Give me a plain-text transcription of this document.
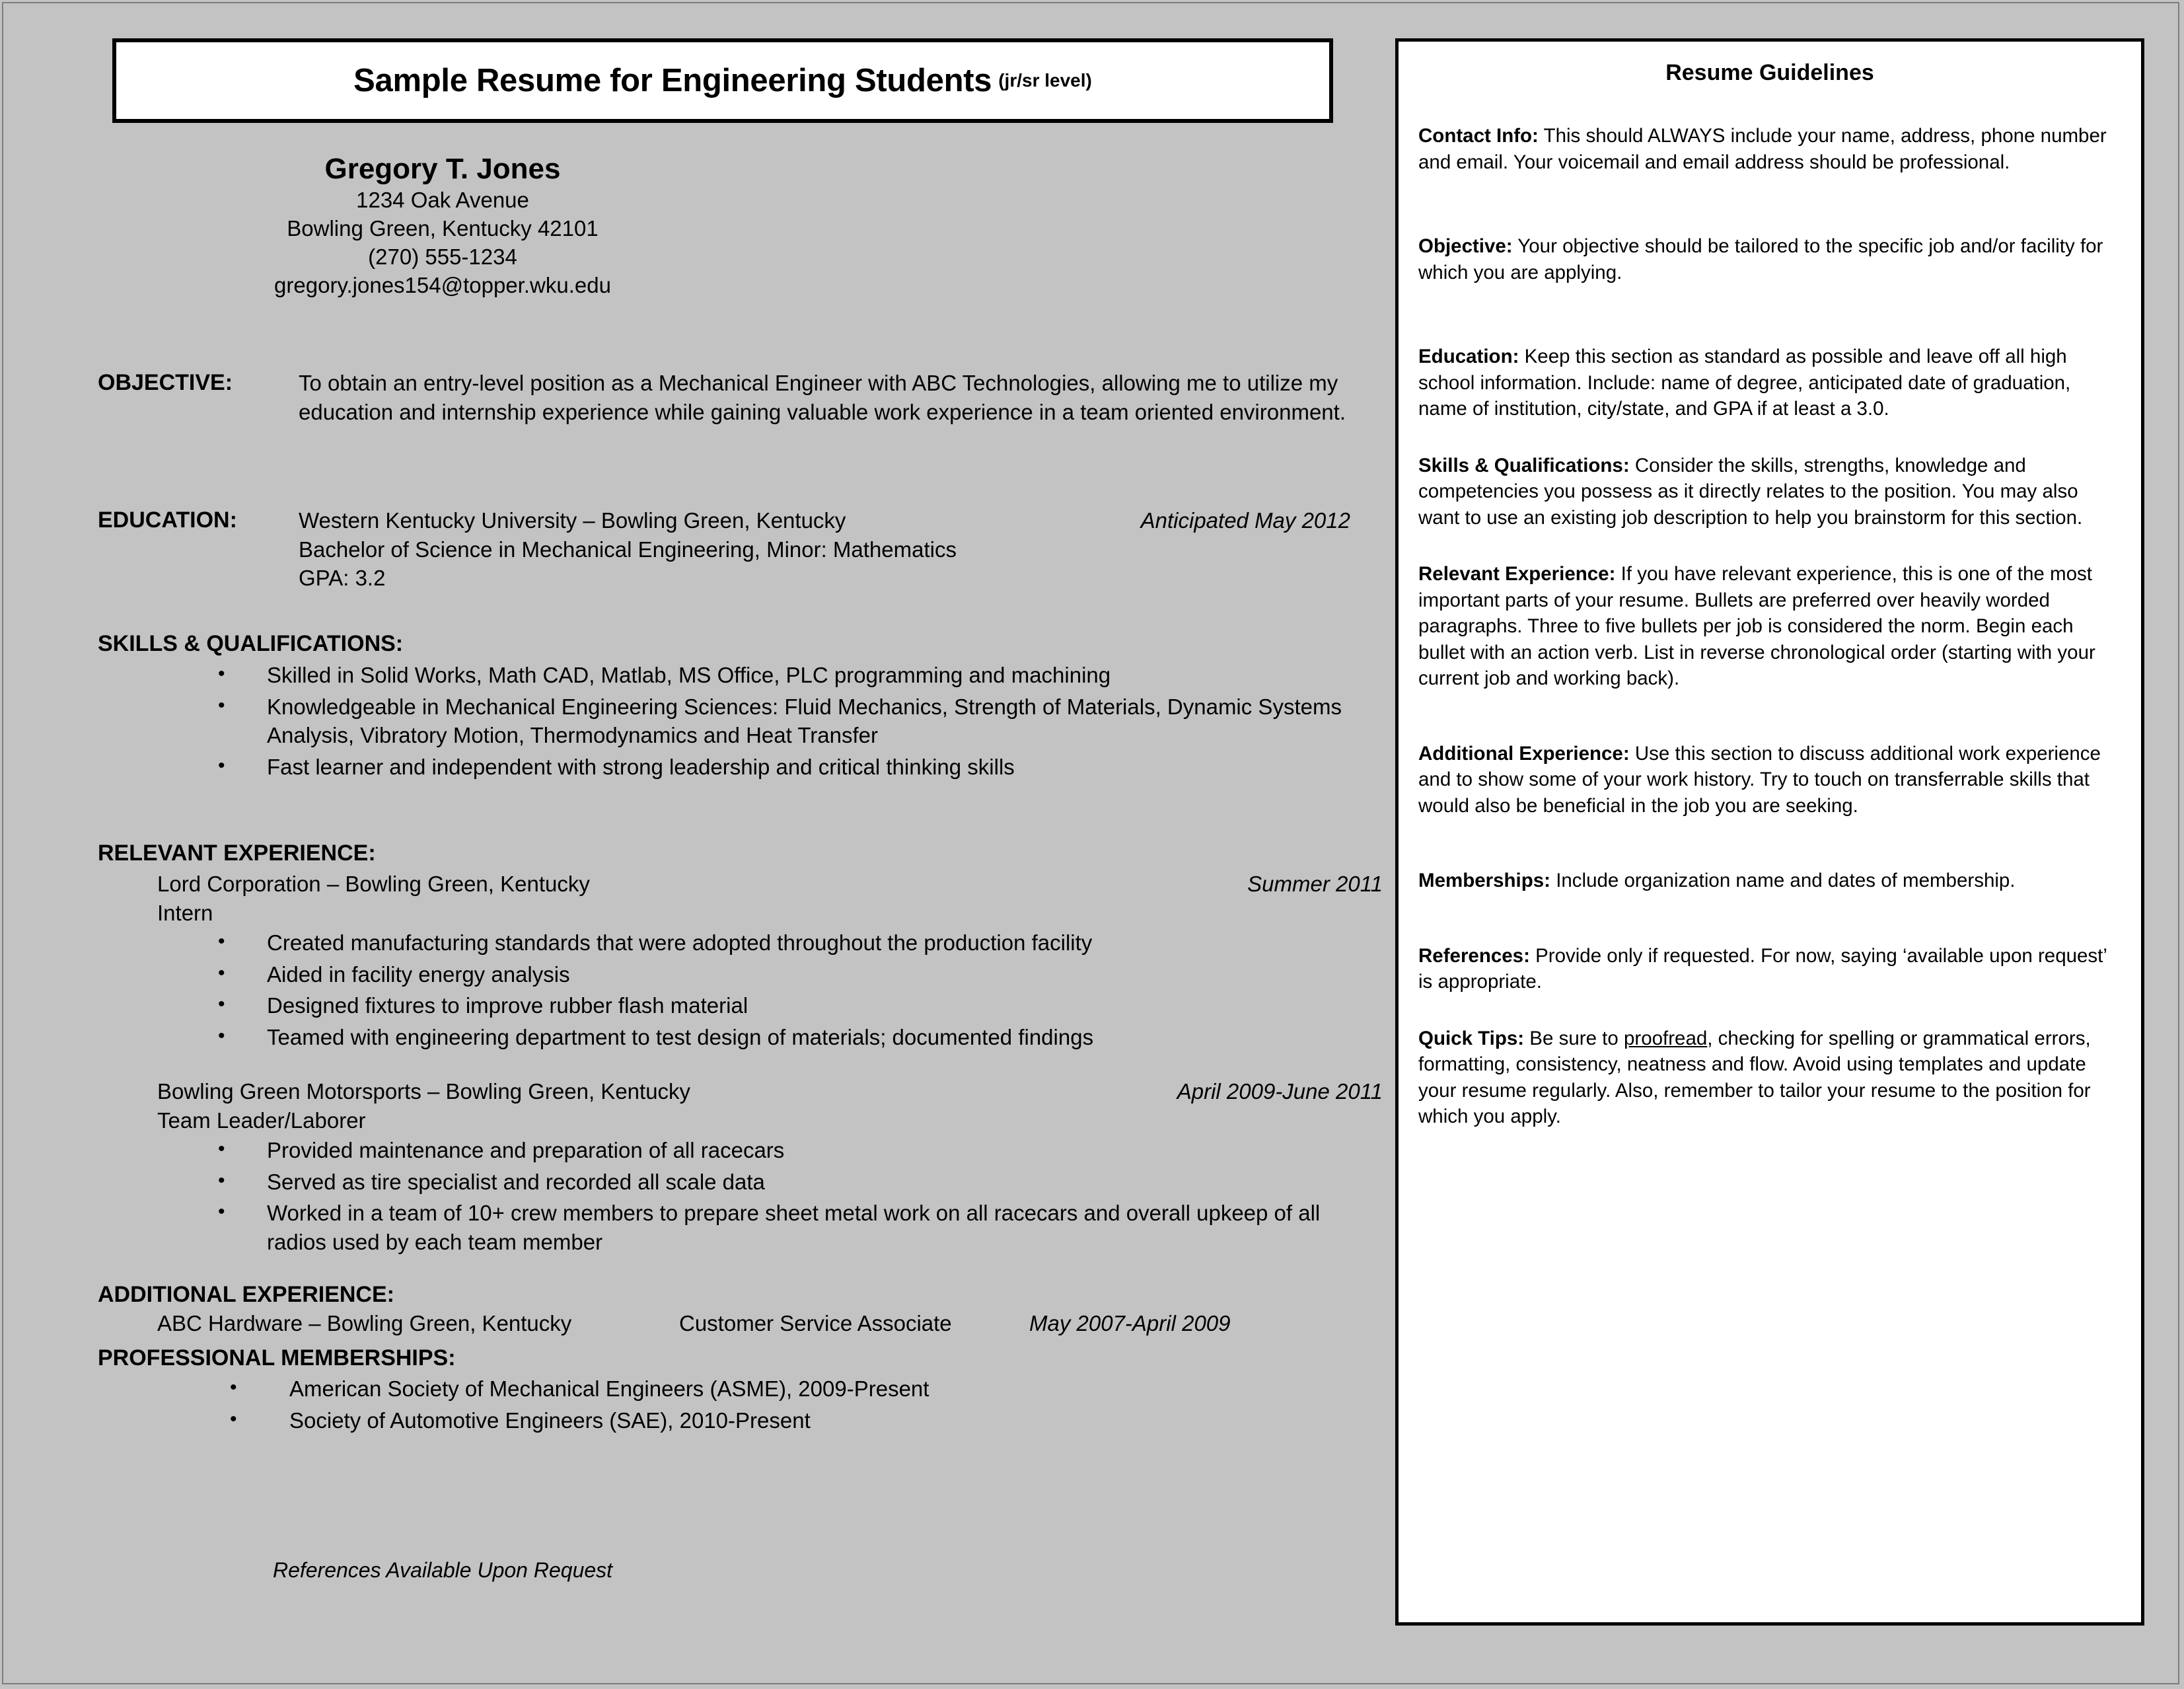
Sample Resume for Engineering Students (jr/sr level)
Gregory T. Jones
1234 Oak Avenue
Bowling Green, Kentucky 42101
(270) 555-1234
gregory.jones154@topper.wku.edu
OBJECTIVE:	To obtain an entry-level position as a Mechanical Engineer with ABC Technologies, allowing me to utilize my education and internship experience while gaining valuable work experience in a team oriented environment.
EDUCATION:	Western Kentucky University – Bowling Green, Kentucky	Anticipated May 2012
Bachelor of Science in Mechanical Engineering, Minor: Mathematics
GPA: 3.2
SKILLS & QUALIFICATIONS:
•	Skilled in Solid Works, Math CAD, Matlab, MS Office, PLC programming and machining
•	Knowledgeable in Mechanical Engineering Sciences: Fluid Mechanics, Strength of Materials, Dynamic Systems Analysis, Vibratory Motion, Thermodynamics and Heat Transfer
•	Fast learner and independent with strong leadership and critical thinking skills
RELEVANT EXPERIENCE:
Lord Corporation – Bowling Green, Kentucky	Summer 2011
Intern
•	Created manufacturing standards that were adopted throughout the production facility
•	Aided in facility energy analysis
•	Designed fixtures to improve rubber flash material
•	Teamed with engineering department to test design of materials; documented findings
Bowling Green Motorsports – Bowling Green, Kentucky	April 2009-June 2011
Team Leader/Laborer
•	Provided maintenance and preparation of all racecars
•	Served as tire specialist and recorded all scale data
•	Worked in a team of 10+ crew members to prepare sheet metal work on all racecars and overall upkeep of all radios used by each team member
ADDITIONAL EXPERIENCE:
ABC Hardware – Bowling Green, Kentucky	Customer Service Associate	May 2007-April 2009
PROFESSIONAL MEMBERSHIPS:
•	American Society of Mechanical Engineers (ASME), 2009-Present
•	Society of Automotive Engineers (SAE), 2010-Present
References Available Upon Request
Resume Guidelines
Contact Info: This should ALWAYS include your name, address, phone number and email. Your voicemail and email address should be professional.
Objective: Your objective should be tailored to the specific job and/or facility for which you are applying.
Education: Keep this section as standard as possible and leave off all high school information. Include: name of degree, anticipated date of graduation, name of institution, city/state, and GPA if at least a 3.0.
Skills & Qualifications: Consider the skills, strengths, knowledge and competencies you possess as it directly relates to the position. You may also want to use an existing job description to help you brainstorm for this section.
Relevant Experience: If you have relevant experience, this is one of the most important parts of your resume. Bullets are preferred over heavily worded paragraphs. Three to five bullets per job is considered the norm. Begin each bullet with an action verb. List in reverse chronological order (starting with your current job and working back).
Additional Experience: Use this section to discuss additional work experience and to show some of your work history. Try to touch on transferrable skills that would also be beneficial in the job you are seeking.
Memberships: Include organization name and dates of membership.
References: Provide only if requested. For now, saying ‘available upon request’ is appropriate.
Quick Tips: Be sure to proofread, checking for spelling or grammatical errors, formatting, consistency, neatness and flow. Avoid using templates and update your resume regularly. Also, remember to tailor your resume to the position for which you apply.
